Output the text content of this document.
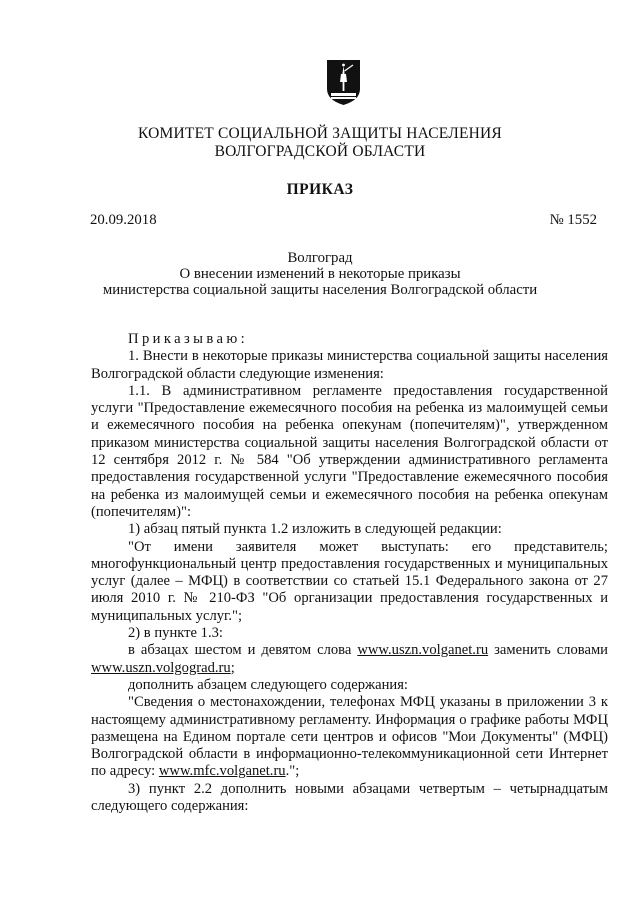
КОМИТЕТ СОЦИАЛЬНОЙ ЗАЩИТЫ НАСЕЛЕНИЯ
ВОЛГОГРАДСКОЙ ОБЛАСТИ
ПРИКАЗ
20.09.2018	№ 1552
Волгоград
О внесении изменений в некоторые приказы
министерства социальной защиты населения Волгоградской области

Приказываю:

1. Внести в некоторые приказы министерства социальной защиты населения Волгоградской области следующие изменения:

1.1. В административном регламенте предоставления государственной услуги "Предоставление ежемесячного пособия на ребенка из малоимущей семьи и ежемесячного пособия на ребенка опекунам (попечителям)", утвержденном приказом министерства социальной защиты населения Волгоградской области от 12 сентября 2012 г. № 584 "Об утверждении административного регламента предоставления государственной услуги "Предоставление ежемесячного пособия на ребенка из малоимущей семьи и ежемесячного пособия на ребенка опекунам (попечителям)":

1) абзац пятый пункта 1.2 изложить в следующей редакции:

"От имени заявителя может выступать: его представитель; многофункциональный центр предоставления государственных и муниципальных услуг (далее – МФЦ) в соответствии со статьей 15.1 Федерального закона от 27 июля 2010 г. № 210-ФЗ "Об организации предоставления государственных и муниципальных услуг.";

2) в пункте 1.3:

в абзацах шестом и девятом слова www.uszn.volganet.ru заменить словами www.uszn.volgograd.ru;

дополнить абзацем следующего содержания:

"Сведения о местонахождении, телефонах МФЦ указаны в приложении 3 к настоящему административному регламенту. Информация о графике работы МФЦ размещена на Едином портале сети центров и офисов "Мои Документы" (МФЦ) Волгоградской области в информационно-телекоммуникационной сети Интернет по адресу: www.mfc.volganet.ru.";

3) пункт 2.2 дополнить новыми абзацами четвертым – четырнадцатым следующего содержания:
